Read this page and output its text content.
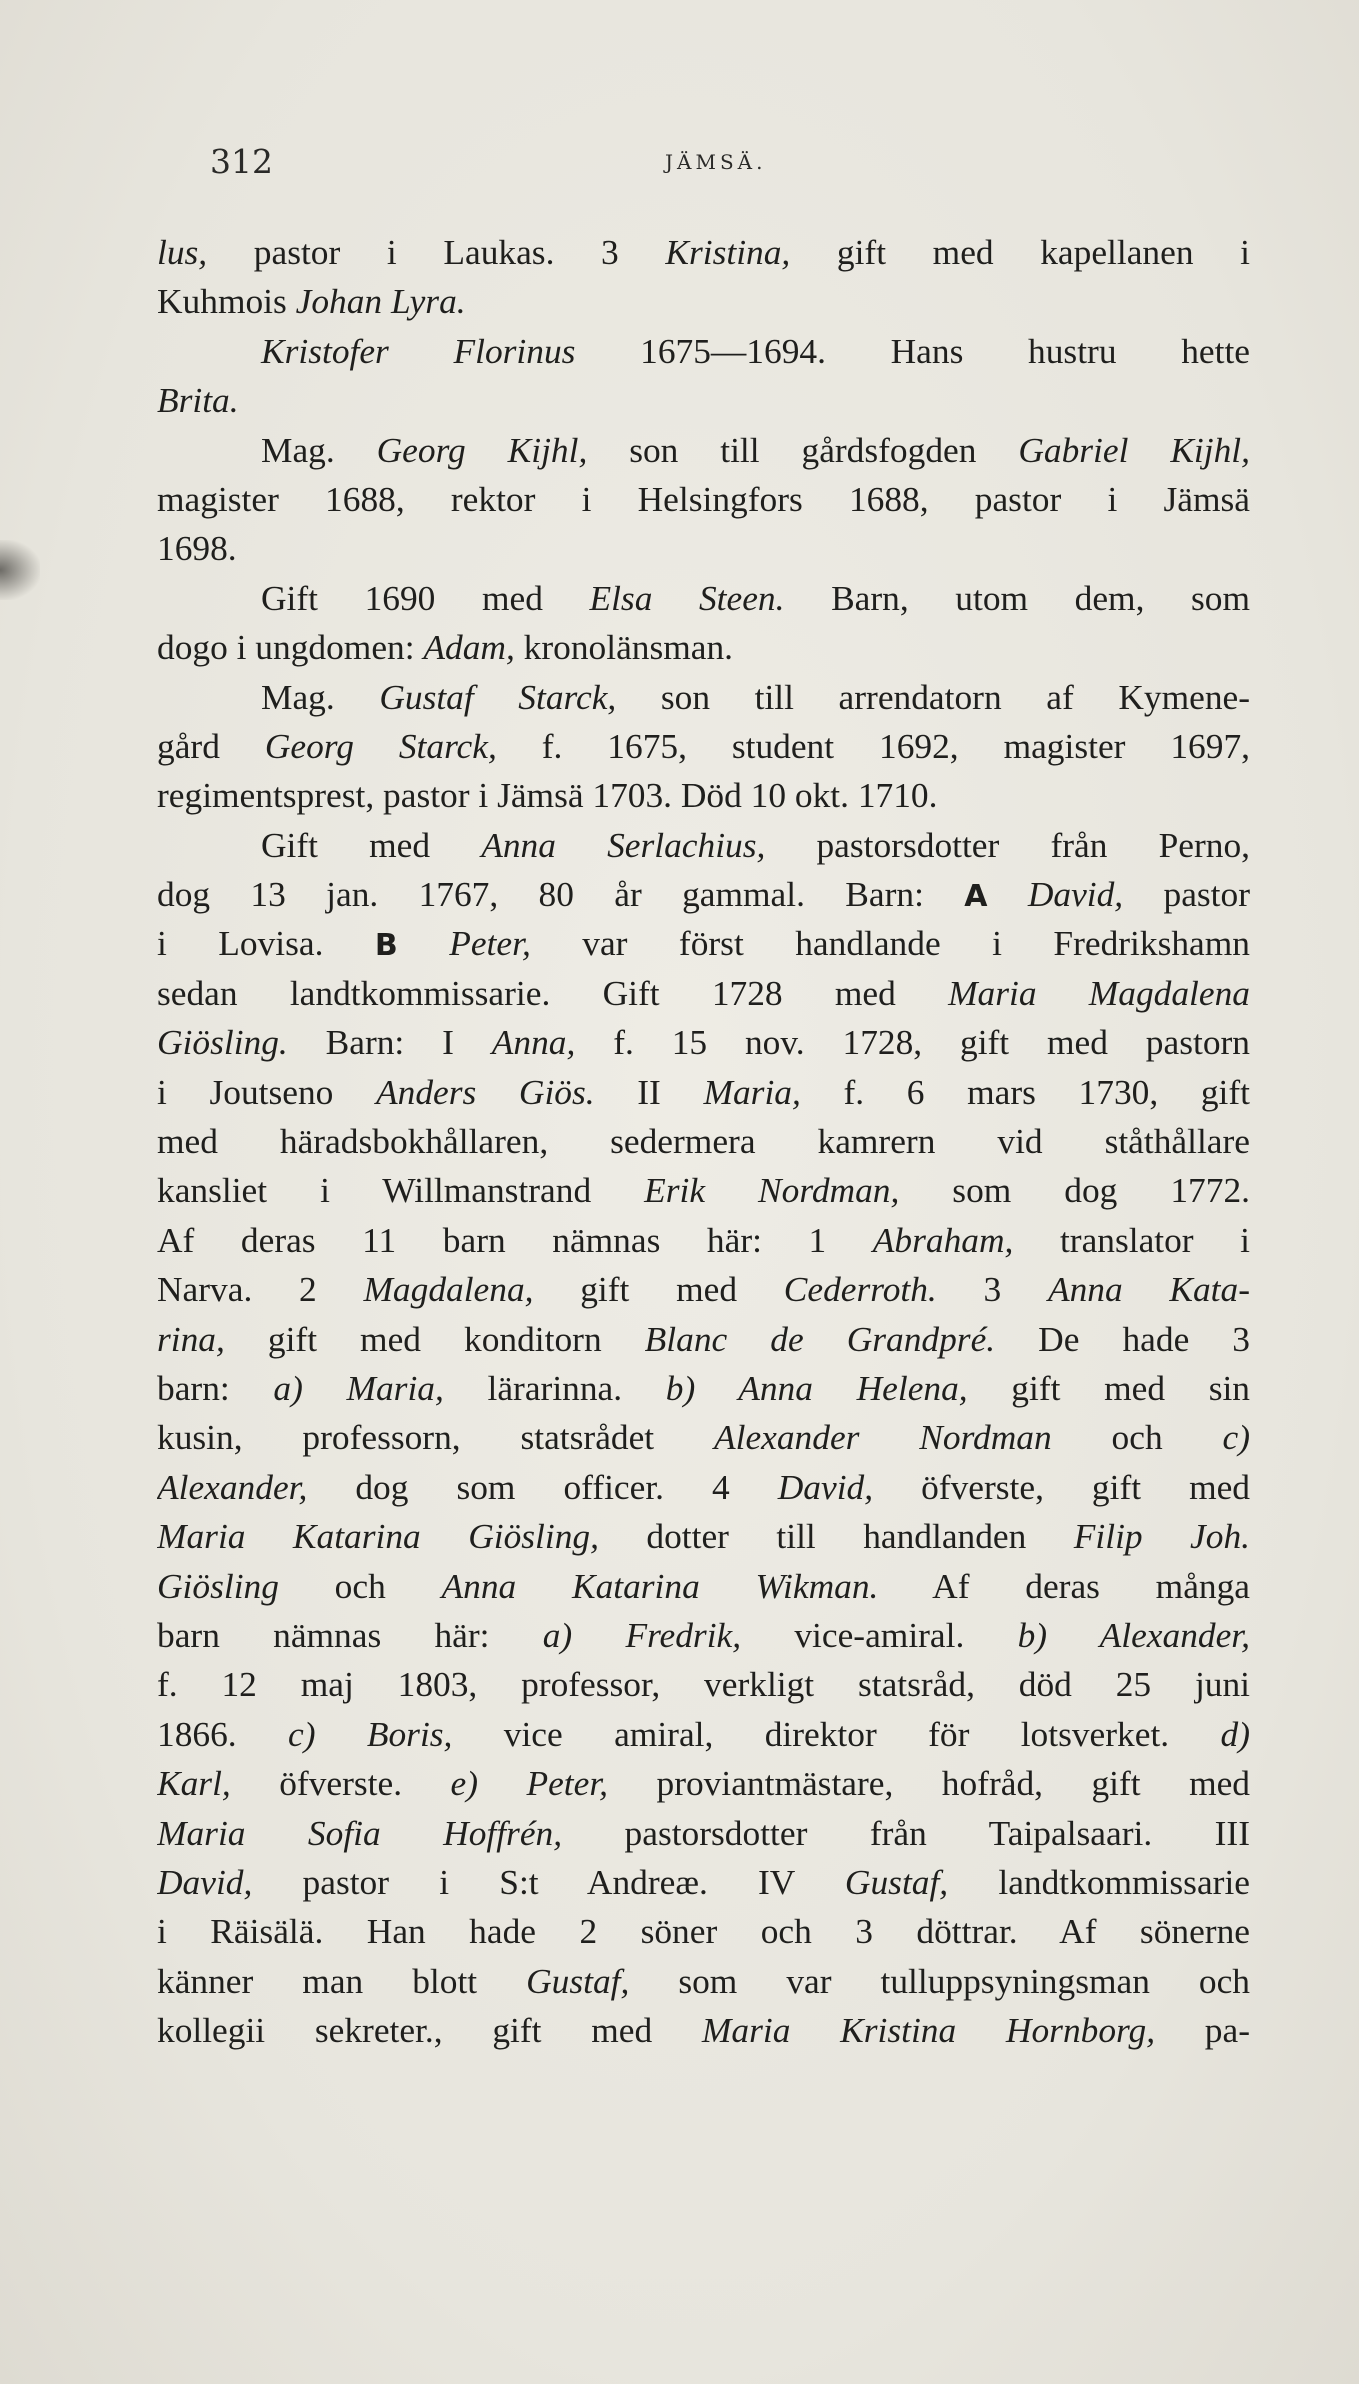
312	JÄMSÄ.
lus, pastor i Laukas. 3 Kristina, gift med kapellanen i
Kuhmois Johan Lyra.
Kristofer Florinus 1675—1694. Hans hustru hette
Brita.
Mag. Georg Kijhl, son till gårdsfogden Gabriel Kijhl,
magister 1688, rektor i Helsingfors 1688, pastor i Jämsä
1698.
Gift 1690 med Elsa Steen. Barn, utom dem, som
dogo i ungdomen: Adam, kronolänsman.
Mag. Gustaf Starck, son till arrendatorn af Kymene-
gård Georg Starck, f. 1675, student 1692, magister 1697,
regimentsprest, pastor i Jämsä 1703. Död 10 okt. 1710.
Gift med Anna Serlachius, pastorsdotter från Perno,
dog 13 jan. 1767, 80 år gammal. Barn: A David, pastor
i Lovisa. B Peter, var först handlande i Fredrikshamn
sedan landtkommissarie. Gift 1728 med Maria Magdalena
Giösling. Barn: I Anna, f. 15 nov. 1728, gift med pastorn
i Joutseno Anders Giös. II Maria, f. 6 mars 1730, gift
med häradsbokhållaren, sedermera kamrern vid ståthållare
kansliet i Willmanstrand Erik Nordman, som dog 1772.
Af deras 11 barn nämnas här: 1 Abraham, translator i
Narva. 2 Magdalena, gift med Cederroth. 3 Anna Kata-
rina, gift med konditorn Blanc de Grandpré. De hade 3
barn: a) Maria, lärarinna. b) Anna Helena, gift med sin
kusin, professorn, statsrådet Alexander Nordman och c)
Alexander, dog som officer. 4 David, öfverste, gift med
Maria Katarina Giösling, dotter till handlanden Filip Joh.
Giösling och Anna Katarina Wikman. Af deras många
barn nämnas här: a) Fredrik, vice-amiral. b) Alexander,
f. 12 maj 1803, professor, verkligt statsråd, död 25 juni
1866. c) Boris, vice amiral, direktor för lotsverket. d)
Karl, öfverste. e) Peter, proviantmästare, hofråd, gift med
Maria Sofia Hoffrén, pastorsdotter från Taipalsaari. III
David, pastor i S:t Andreæ. IV Gustaf, landtkommissarie
i Räisälä. Han hade 2 söner och 3 döttrar. Af sönerne
känner man blott Gustaf, som var tulluppsyningsman och
kollegii sekreter., gift med Maria Kristina Hornborg, pa-
